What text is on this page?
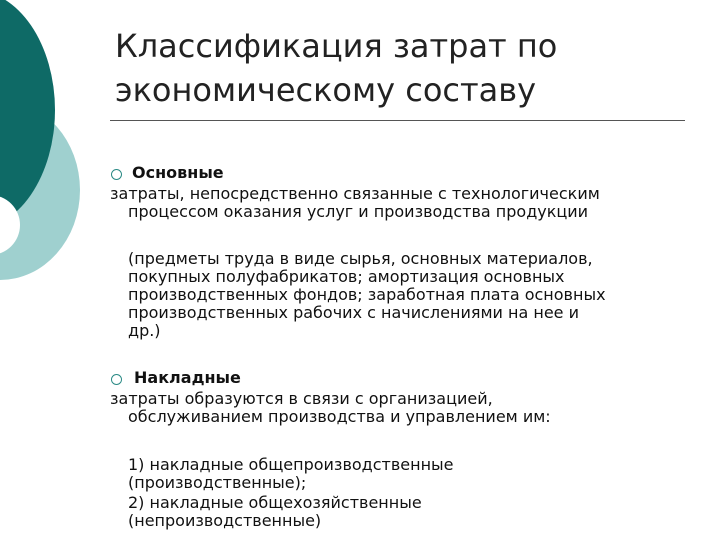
Классификация затрат по
экономическому составу
Основные
затраты, непосредственно связанные с технологическим
процессом оказания услуг и производства продукции
(предметы труда в виде сырья, основных материалов,
покупных полуфабрикатов; амортизация основных
производственных фондов; заработная плата основных
производственных рабочих с начислениями на нее и
др.)
Накладные
затраты образуются в связи с организацией,
обслуживанием производства и управлением им:
1) накладные общепроизводственные
(производственные);
2) накладные общехозяйственные
(непроизводственные)
